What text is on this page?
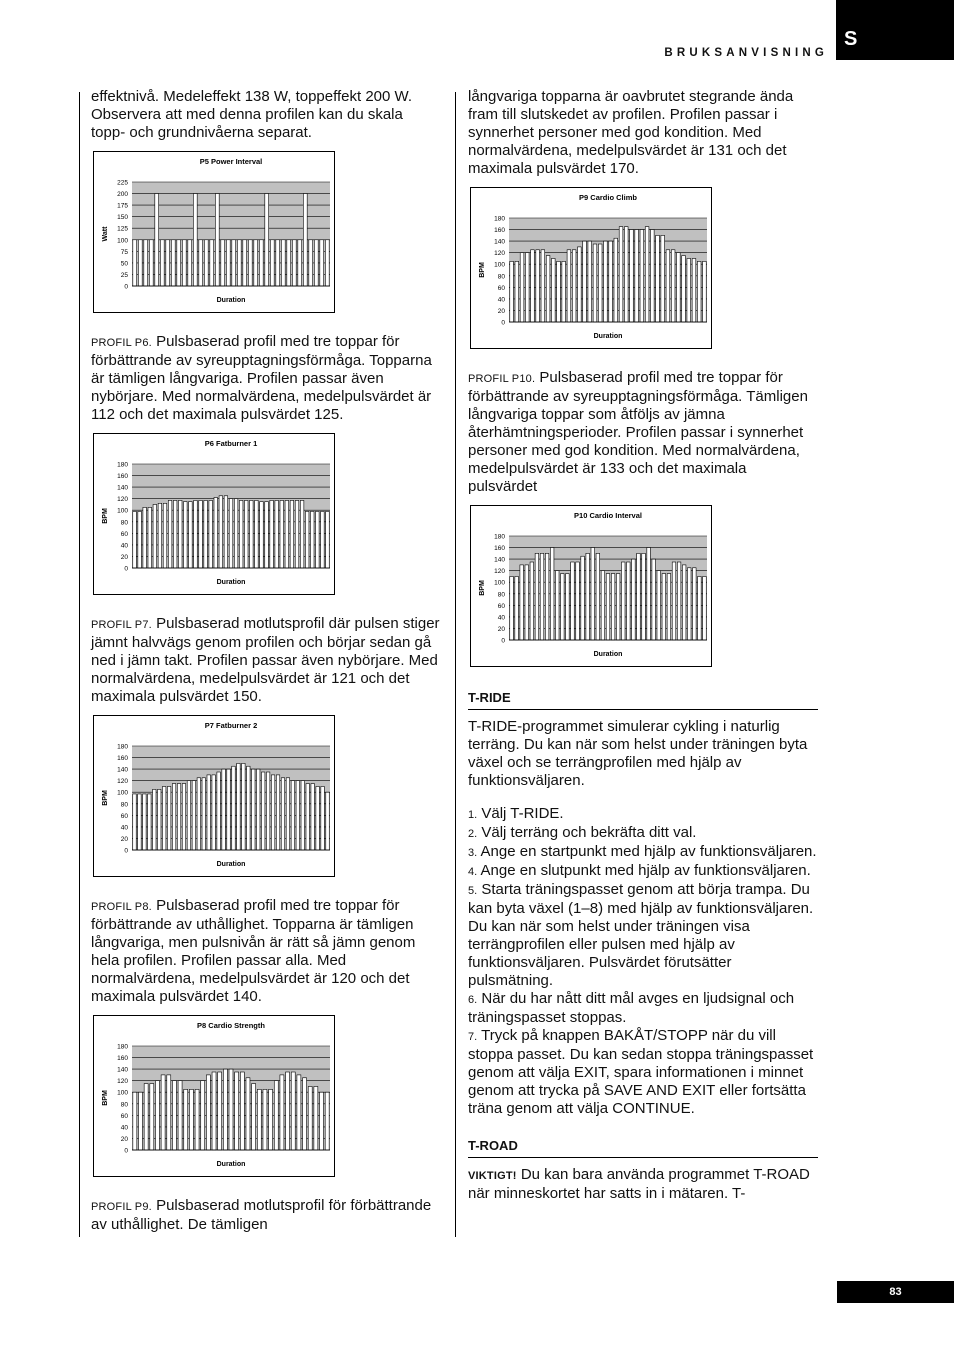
BRUKSANVISNING
S
83

effektnivå. Medeleffekt 138 W, toppeffekt 200 W. Observera att med denna profilen kan du skala topp- och grundnivåerna separat.

P5 Power Interval
0
25
50
75
100
125
150
175
200
225
Watt
Duration

PROFIL P6. Pulsbaserad profil med tre toppar för förbättrande av syreupptagningsförmåga. Topparna är tämligen långvariga. Profilen passar även nybörjare. Med normalvärdena, medelpulsvärdet är 112 och det maximala pulsvärdet 125.

P6 Fatburner 1
0
20
40
60
80
100
120
140
160
180
BPM
Duration

PROFIL P7. Pulsbaserad motlutsprofil där pulsen stiger jämnt halvvägs genom profilen och börjar sedan gå ned i jämn takt. Profilen passar även nybörjare. Med normalvärdena, medelpulsvärdet är 121 och det maximala pulsvärdet 150.

P7 Fatburner 2
0
20
40
60
80
100
120
140
160
180
BPM
Duration

PROFIL P8. Pulsbaserad profil med tre toppar för förbättrande av uthållighet. Topparna är tämligen långvariga, men pulsnivån är rätt så jämn genom hela profilen. Profilen passar alla. Med normalvärdena, medelpulsvärdet är 120 och det maximala pulsvärdet 140.

P8 Cardio Strength
0
20
40
60
80
100
120
140
160
180
BPM
Duration

PROFIL P9. Pulsbaserad motlutsprofil för förbättrande av uthållighet. De tämligen

långvariga topparna är oavbrutet stegrande ända fram till slutskedet av profilen. Profilen passar i synnerhet personer med god kondition. Med normalvärdena, medelpulsvärdet är 131 och det maximala pulsvärdet 170.

P9 Cardio Climb
0
20
40
60
80
100
120
140
160
180
BPM
Duration

PROFIL P10. Pulsbaserad profil med tre toppar för förbättrande av syreupptagningsförmåga. Tämligen långvariga toppar som åtföljs av jämna återhämtningsperioder. Profilen passar i synnerhet personer med god kondition. Med normalvärdena, medelpulsvärdet är 133 och det maximala pulsvärdet

P10 Cardio Interval
0
20
40
60
80
100
120
140
160
180
BPM
Duration
T-RIDE

T-RIDE-programmet simulerar cykling i naturlig terräng. Du kan när som helst under träningen byta växel och se terrängprofilen med hjälp av funktionsväljaren.

1. Välj T-RIDE.
2. Välj terräng och bekräfta ditt val.
3. Ange en startpunkt med hjälp av funktionsväljaren.
4. Ange en slutpunkt med hjälp av funktionsväljaren.
5. Starta träningspasset genom att börja trampa. Du kan byta växel (1–8) med hjälp av funktionsväljaren. Du kan när som helst under träningen visa terrängprofilen eller pulsen med hjälp av funktionsväljaren. Pulsvärdet förutsätter pulsmätning.
6. När du har nått ditt mål avges en ljudsignal och träningspasset stoppas.
7. Tryck på knappen BAKÅT/STOPP när du vill stoppa passet. Du kan sedan stoppa träningspasset genom att välja EXIT, spara informationen i minnet genom att trycka på SAVE AND EXIT eller fortsätta träna genom att välja CONTINUE.
T-ROAD

VIKTIGT! Du kan bara använda programmet T-ROAD när minneskortet har satts in i mätaren. T-
